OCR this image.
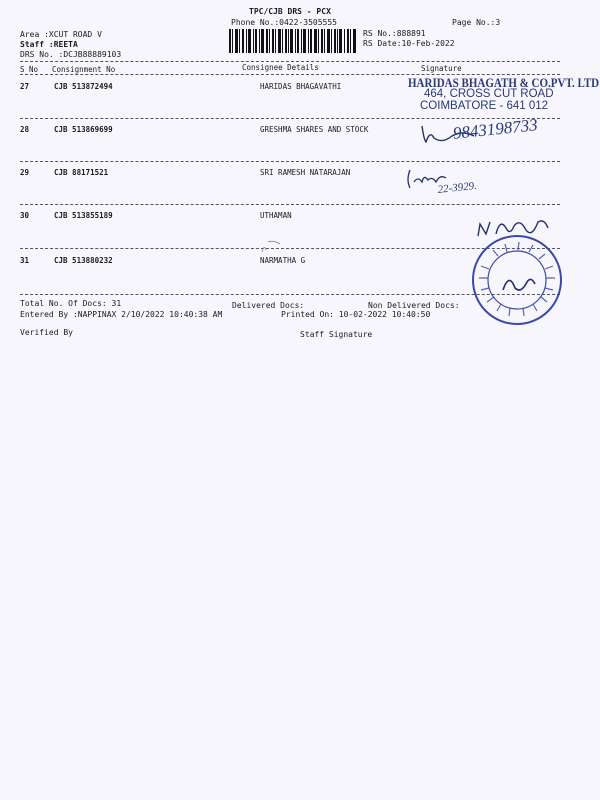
TPC/CJB DRS - PCX
Phone No.:0422-3505555	Page No.:3
Area :XCUT ROAD V
Staff :REETA
DRS No. :DCJB88889103
RS No.:888891
RS Date:10-Feb-2022
S No Consignment No	Consignee Details	Signature
27	CJB 513872494	HARIDAS BHAGAVATHI
28	CJB 513869699	GRESHMA SHARES AND STOCK
29	CJB 88171521	SRI RAMESH NATARAJAN
30	CJB 513855189	UTHAMAN
31	CJB 513880232	NARMATHA G
HARIDAS BHAGATH & CO.PVT. LTD
464, CROSS CUT ROAD
COIMBATORE - 641 012
9843198733
22-3929.
Total No. Of Docs: 31	Delivered Docs:	Non Delivered Docs:
Entered By :NAPPINAX 2/10/2022 10:40:38 AM	Printed On: 10-02-2022 10:40:50
Verified By	Staff Signature
